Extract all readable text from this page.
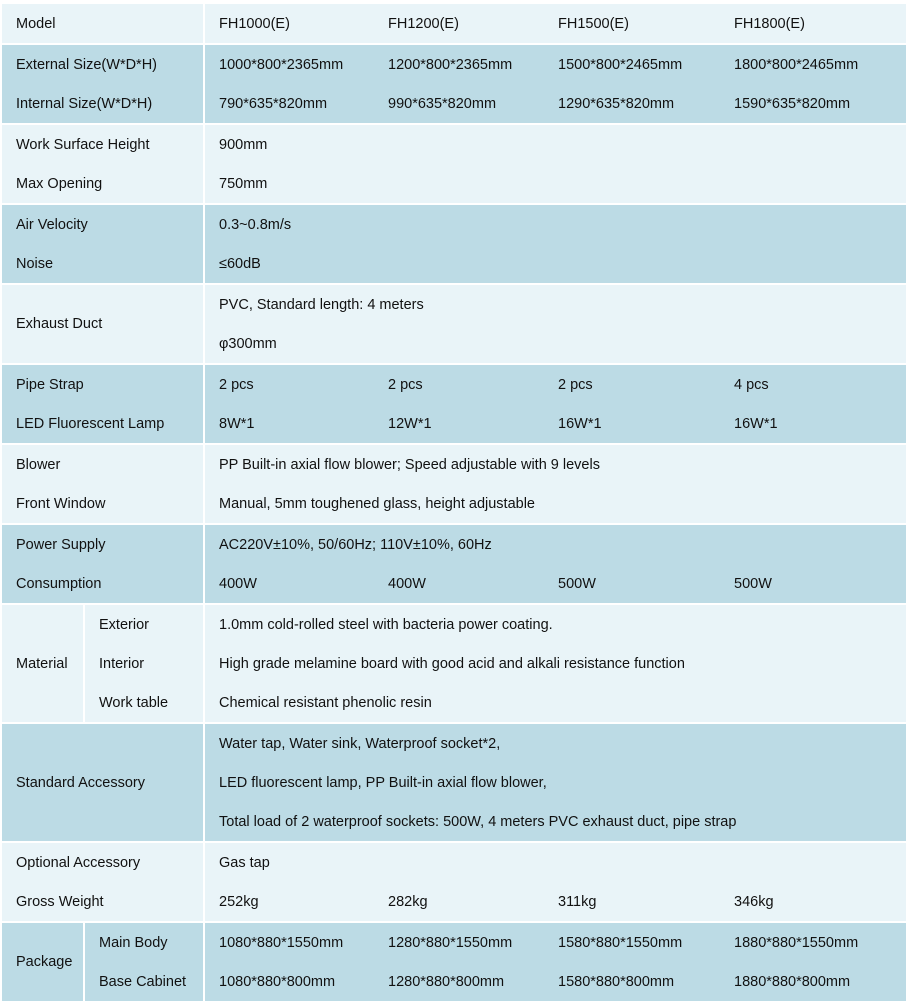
Model		FH1000(E)	FH1200(E)	FH1500(E)	FH1800(E)
External Size(W*D*H)		1000*800*2365mm	1200*800*2365mm	1500*800*2465mm	1800*800*2465mm
Internal Size(W*D*H)		790*635*820mm	990*635*820mm	1290*635*820mm	1590*635*820mm
Work Surface Height		900mm			
Max Opening		750mm			
Air Velocity		0.3~0.8m/s			
Noise		≤60dB			
Exhaust Duct		PVC, Standard length: 4 meters			
		φ300mm			
Pipe Strap		2 pcs	2 pcs	2 pcs	4 pcs
LED Fluorescent Lamp		8W*1	12W*1	16W*1	16W*1
Blower		PP Built-in axial flow blower; Speed adjustable with 9 levels			
Front Window		Manual, 5mm toughened glass, height adjustable			
Power Supply		AC220V±10%, 50/60Hz; 110V±10%, 60Hz			
Consumption		400W	400W	500W	500W
Material	Exterior	1.0mm cold-rolled steel with bacteria power coating.			
	Interior	High grade melamine board with good acid and alkali resistance function			
	Work table	Chemical resistant phenolic resin			
Standard Accessory		Water tap, Water sink, Waterproof socket*2,			
		LED fluorescent lamp, PP Built-in axial flow blower,			
		Total load of 2 waterproof sockets: 500W, 4 meters PVC exhaust duct, pipe strap			
Optional Accessory		Gas tap			
Gross Weight		252kg	282kg	311kg	346kg
Package	Main Body	1080*880*1550mm	1280*880*1550mm	1580*880*1550mm	1880*880*1550mm
	Base Cabinet	1080*880*800mm	1280*880*800mm	1580*880*800mm	1880*880*800mm
